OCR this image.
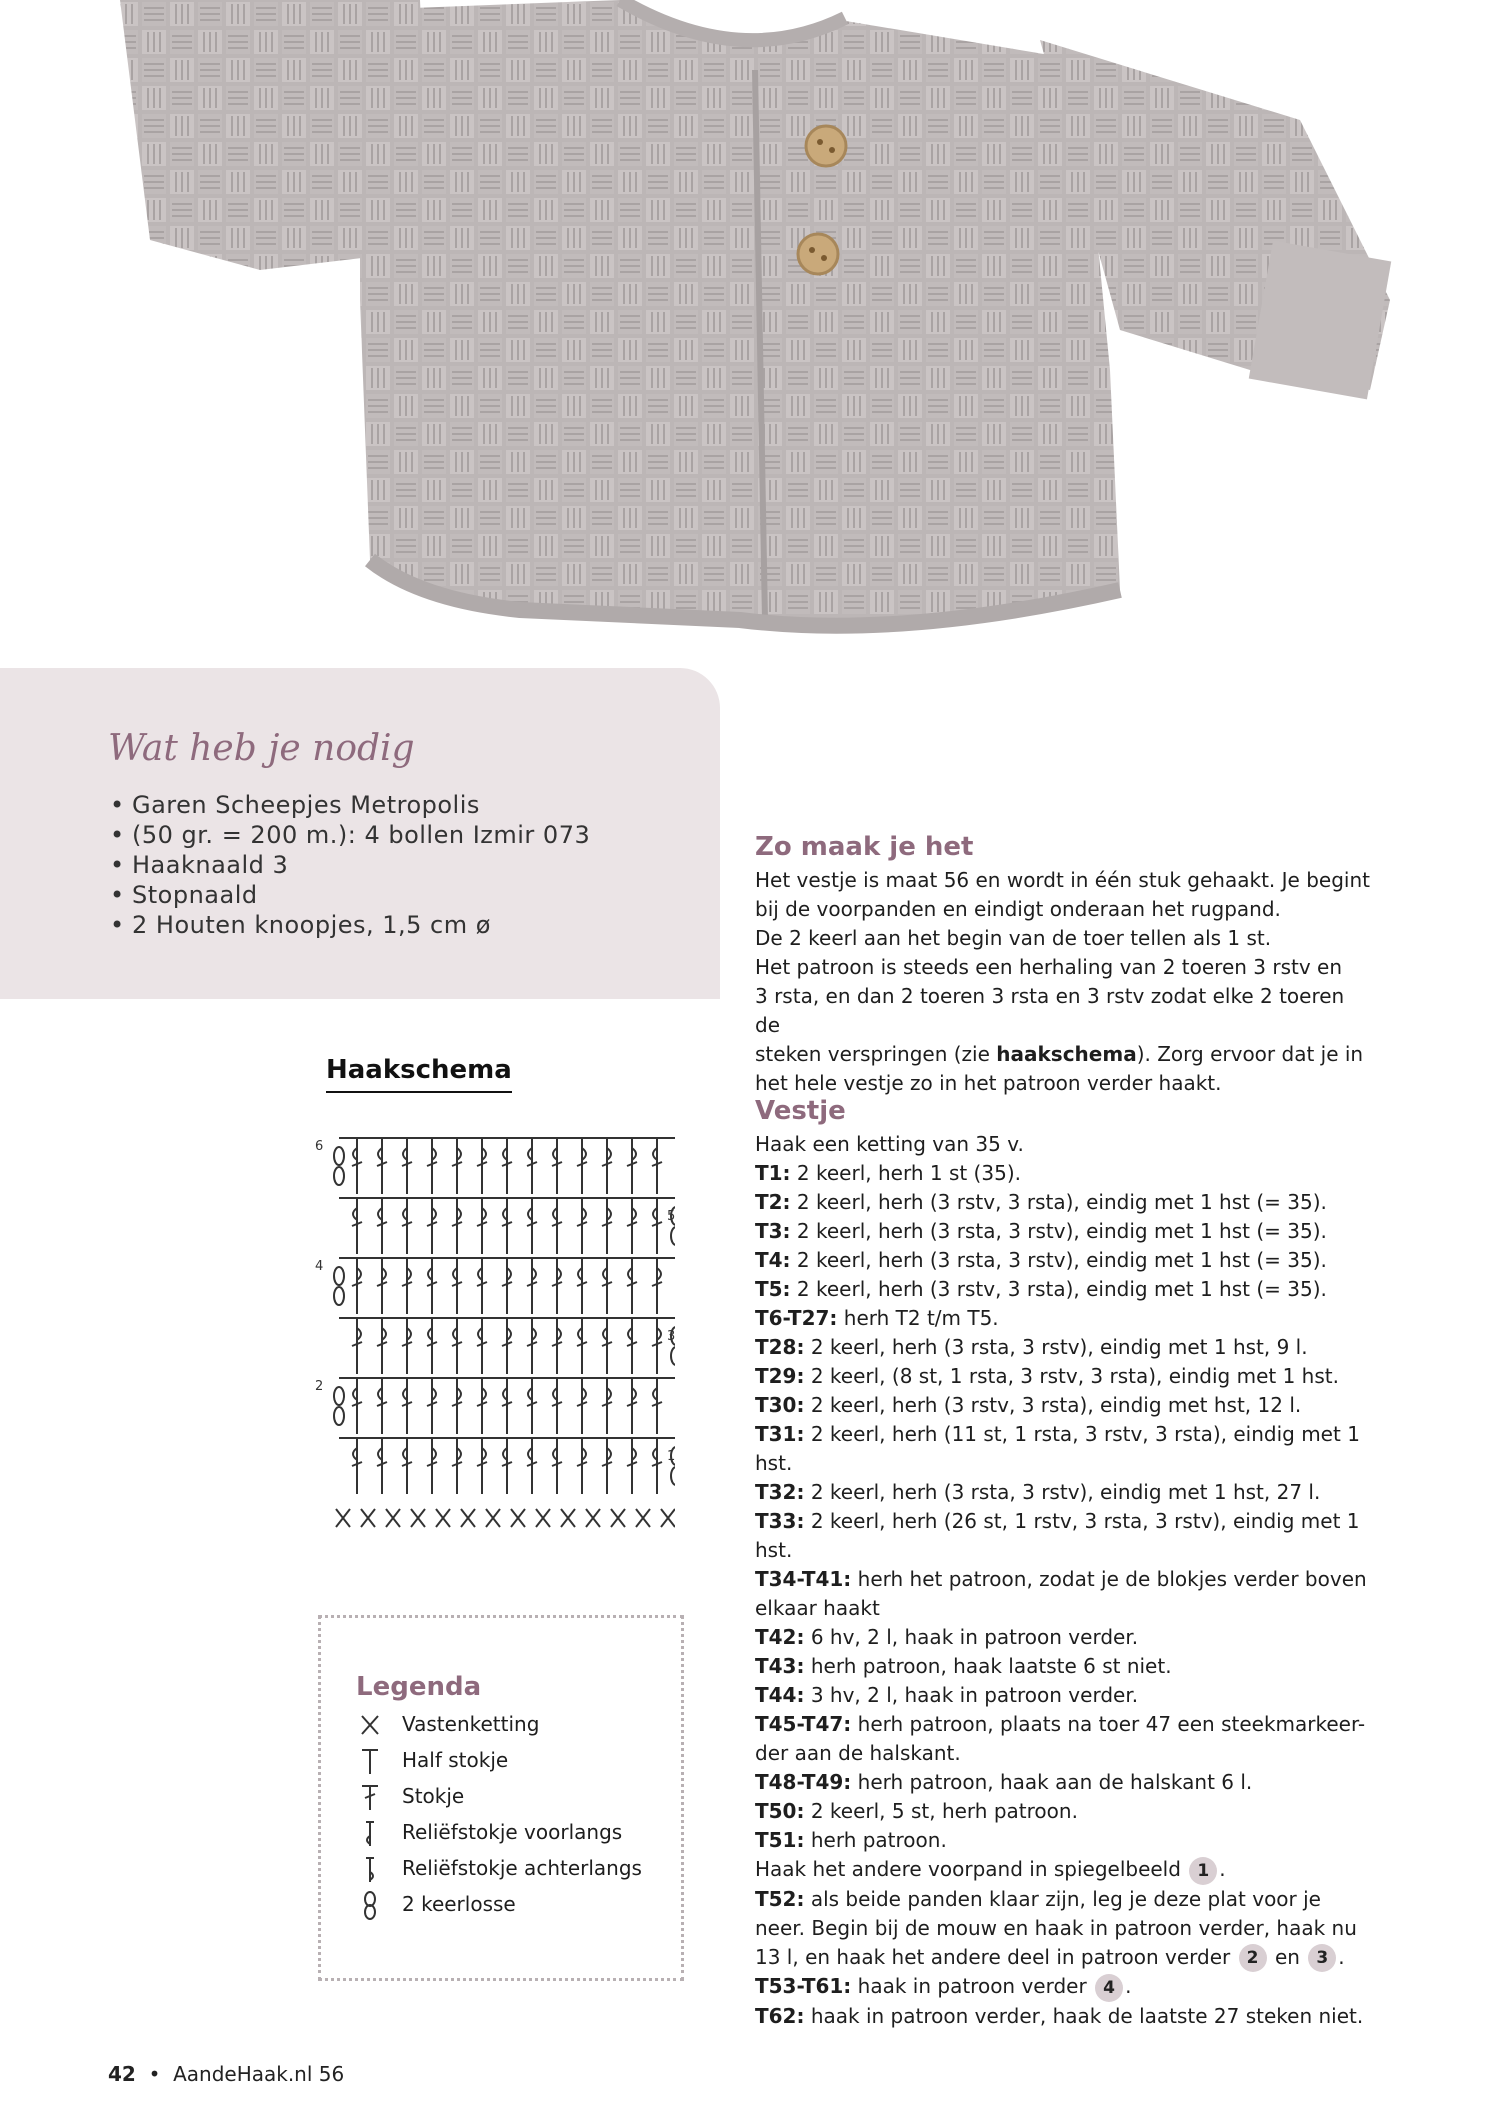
Wat heb je nodig
• Garen Scheepjes Metropolis
• (50 gr. = 200 m.): 4 bollen Izmir 073
• Haaknaald 3
• Stopnaald
• 2 Houten knoopjes, 1,5 cm ø
Zo maak je het
Het vestje is maat 56 en wordt in één stuk gehaakt. Je begint
bij de voorpanden en eindigt onderaan het rugpand.
De 2 keerl aan het begin van de toer tellen als 1 st.
Het patroon is steeds een herhaling van 2 toeren 3 rstv en
3 rsta, en dan 2 toeren 3 rsta en 3 rstv zodat elke 2 toeren de
steken verspringen (zie haakschema). Zorg ervoor dat je in
het hele vestje zo in het patroon verder haakt.
Vestje
Haak een ketting van 35 v.
T1: 2 keerl, herh 1 st (35).
T2: 2 keerl, herh (3 rstv, 3 rsta), eindig met 1 hst (= 35).
T3: 2 keerl, herh (3 rsta, 3 rstv), eindig met 1 hst (= 35).
T4: 2 keerl, herh (3 rsta, 3 rstv), eindig met 1 hst (= 35).
T5: 2 keerl, herh (3 rstv, 3 rsta), eindig met 1 hst (= 35).
T6-T27: herh T2 t/m T5.
T28: 2 keerl, herh (3 rsta, 3 rstv), eindig met 1 hst, 9 l.
T29: 2 keerl, (8 st, 1 rsta, 3 rstv, 3 rsta), eindig met 1 hst.
T30: 2 keerl, herh (3 rstv, 3 rsta), eindig met hst, 12 l.
T31: 2 keerl, herh (11 st, 1 rsta, 3 rstv, 3 rsta), eindig met 1 hst.
T32: 2 keerl, herh (3 rsta, 3 rstv), eindig met 1 hst, 27 l.
T33: 2 keerl, herh (26 st, 1 rstv, 3 rsta, 3 rstv), eindig met 1 hst.
T34-T41: herh het patroon, zodat je de blokjes verder boven
elkaar haakt
T42: 6 hv, 2 l, haak in patroon verder.
T43: herh patroon, haak laatste 6 st niet.
T44: 3 hv, 2 l, haak in patroon verder.
T45-T47: herh patroon, plaats na toer 47 een steekmarkeer-
der aan de halskant.
T48-T49: herh patroon, haak aan de halskant 6 l.
T50: 2 keerl, 5 st, herh patroon.
T51: herh patroon.
Haak het andere voorpand in spiegelbeeld 1 .
T52: als beide panden klaar zijn, leg je deze plat voor je
neer. Begin bij de mouw en haak in patroon verder, haak nu
13 l, en haak het andere deel in patroon verder 2 en 3 .
T53-T61: haak in patroon verder 4 .
T62: haak in patroon verder, haak de laatste 27 steken niet.
Haakschema
6
4
2
5
3
1
Legenda
Vastenketting
Half stokje
Stokje
Reliëfstokje voorlangs
Reliëfstokje achterlangs
2 keerlosse
42 • AandeHaak.nl 56
